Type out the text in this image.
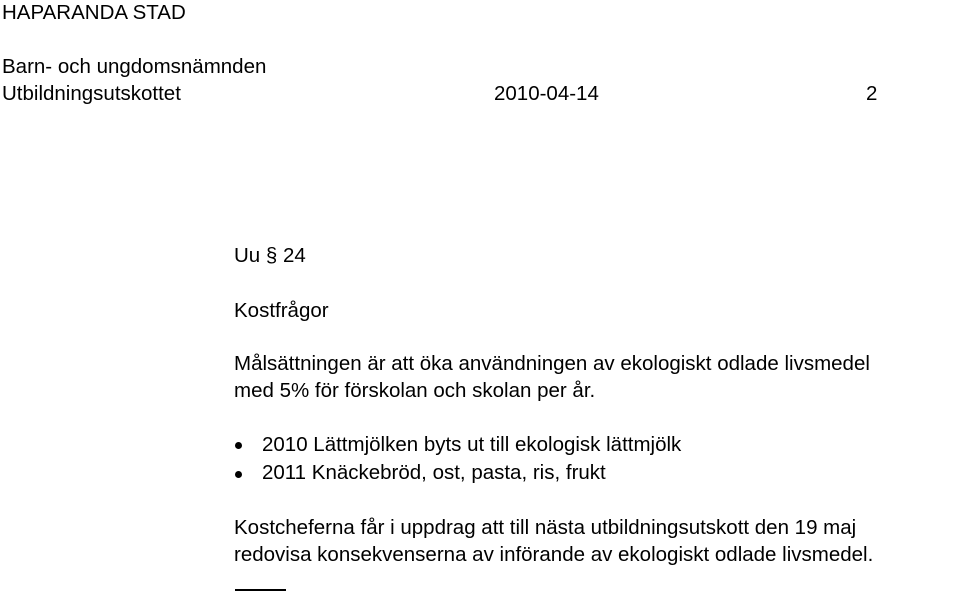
HAPARANDA STAD
Barn- och ungdomsnämnden
Utbildningsutskottet	2010-04-14	2
Uu § 24
Kostfrågor
Målsättningen är att öka användningen av ekologiskt odlade livsmedel
med 5% för förskolan och skolan per år.
2010 Lättmjölken byts ut till ekologisk lättmjölk
2011 Knäckebröd, ost, pasta, ris, frukt
Kostcheferna får i uppdrag att till nästa utbildningsutskott den 19 maj
redovisa konsekvenserna av införande av ekologiskt odlade livsmedel.
